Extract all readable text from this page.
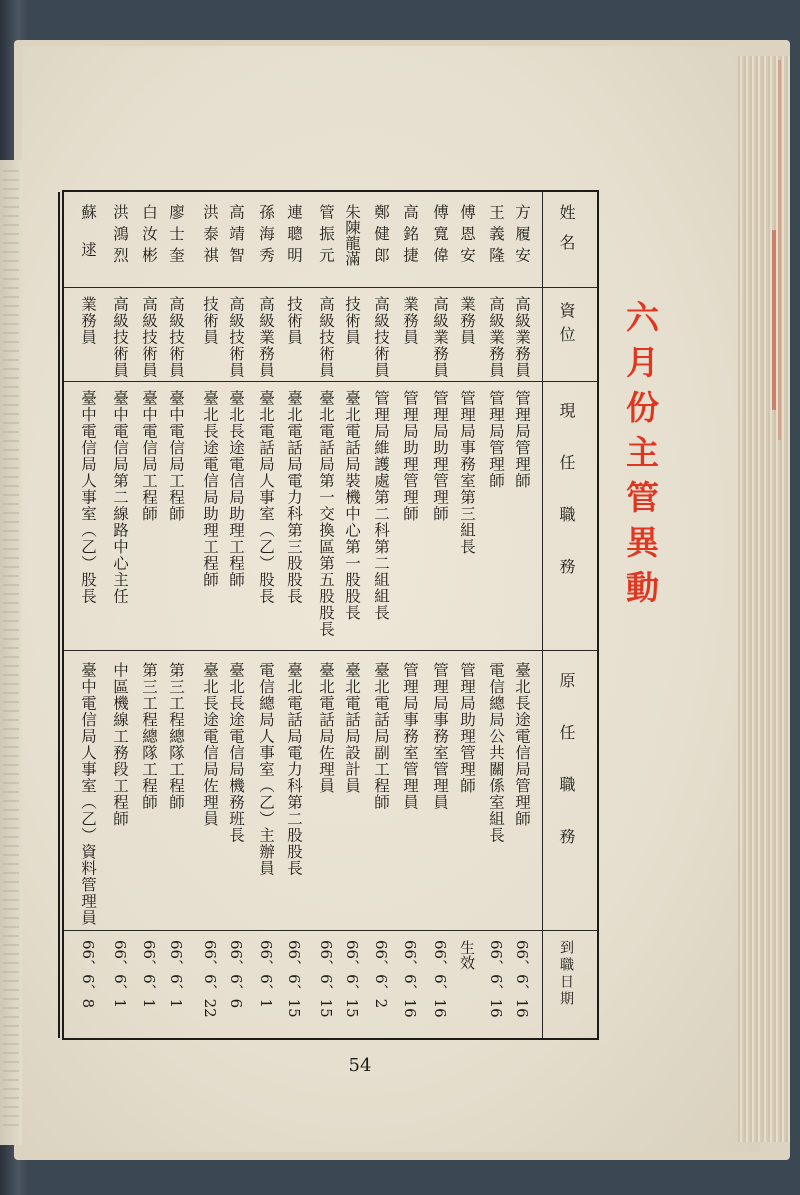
六月份主管異動
姓名
資位
現任職務
原任職務
到職日期
方履安
高級業務員
管理局管理師
臺北長途電信局管理師
66、6、16
王義隆
高級業務員
管理局管理師
電信總局公共關係室組長
66、6、16
傅恩安
業務員
管理局事務室第三組長
管理局助理管理師
生效
傅寬偉
高級業務員
管理局助理管理師
管理局事務室管理員
66、6、16
高銘捷
業務員
管理局助理管理師
管理局事務室管理員
66、6、16
鄭健郎
高級技術員
管理局維護處第二科第二組組長
臺北電話局副工程師
66、6、2
朱陳龍滿
技術員
臺北電話局裝機中心第一股股長
臺北電話局設計員
66、6、15
管振元
高級技術員
臺北電話局第一交換區第五股股長
臺北電話局佐理員
66、6、15
連聰明
技術員
臺北電話局電力科第三股股長
臺北電話局電力科第二股股長
66、6、15
孫海秀
高級業務員
臺北電話局人事室（乙）股長
電信總局人事室（乙）主辦員
66、6、1
高靖智
高級技術員
臺北長途電信局助理工程師
臺北長途電信局機務班長
66、6、6
洪泰祺
技術員
臺北長途電信局助理工程師
臺北長途電信局佐理員
66、6、22
廖士奎
高級技術員
臺中電信局工程師
第三工程總隊工程師
66、6、1
白汝彬
高級技術員
臺中電信局工程師
第三工程總隊工程師
66、6、1
洪鴻烈
高級技術員
臺中電信局第二線路中心主任
中區機線工務段工程師
66、6、1
蘇逑
業務員
臺中電信局人事室（乙）股長
臺中電信局人事室（乙）資料管理員
66、6、8
54
